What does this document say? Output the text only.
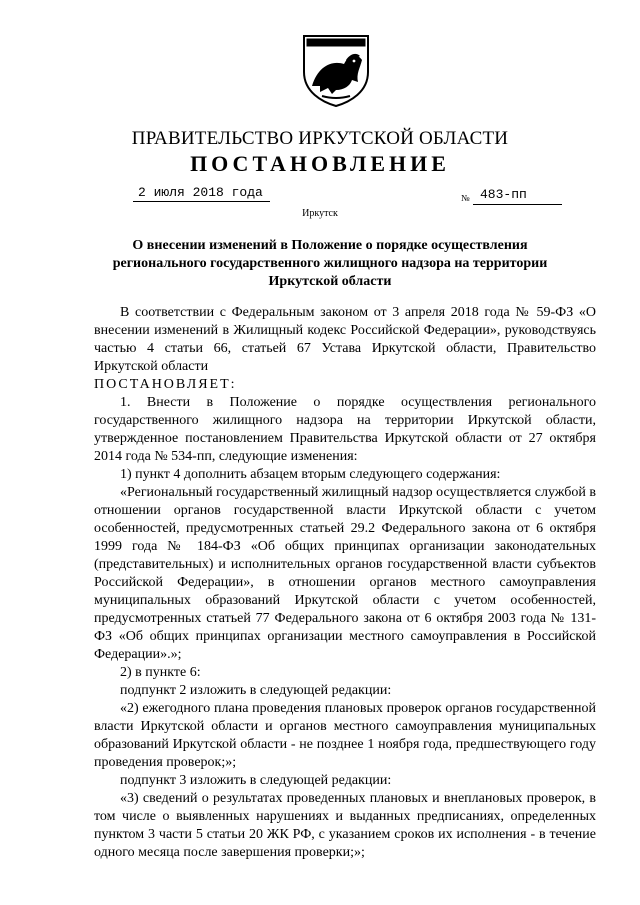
ПРАВИТЕЛЬСТВО ИРКУТСКОЙ ОБЛАСТИ
ПОСТАНОВЛЕНИЕ
2 июля 2018 года	№ 483-пп
Иркутск
О внесении изменений в Положение о порядке осуществления регионального государственного жилищного надзора на территории Иркутской области

В соответствии с Федеральным законом от 3 апреля 2018 года № 59-ФЗ «О внесении изменений в Жилищный кодекс Российской Федерации», руководствуясь частью 4 статьи 66, статьей 67 Устава Иркутской области, Правительство Иркутской области

ПОСТАНОВЛЯЕТ:

1. Внести в Положение о порядке осуществления регионального государственного жилищного надзора на территории Иркутской области, утвержденное постановлением Правительства Иркутской области от 27 октября 2014 года № 534-пп, следующие изменения:

1) пункт 4 дополнить абзацем вторым следующего содержания:

«Региональный государственный жилищный надзор осуществляется службой в отношении органов государственной власти Иркутской области с учетом особенностей, предусмотренных статьей 29.2 Федерального закона от 6 октября 1999 года № 184-ФЗ «Об общих принципах организации законодательных (представительных) и исполнительных органов государственной власти субъектов Российской Федерации», в отношении органов местного самоуправления муниципальных образований Иркутской области с учетом особенностей, предусмотренных статьей 77 Федерального закона от 6 октября 2003 года № 131-ФЗ «Об общих принципах организации местного самоуправления в Российской Федерации».»;

2) в пункте 6:

подпункт 2 изложить в следующей редакции:

«2) ежегодного плана проведения плановых проверок органов государственной власти Иркутской области и органов местного самоуправления муниципальных образований Иркутской области - не позднее 1 ноября года, предшествующего году проведения проверок;»;

подпункт 3 изложить в следующей редакции:

«3) сведений о результатах проведенных плановых и внеплановых проверок, в том числе о выявленных нарушениях и выданных предписаниях, определенных пунктом 3 части 5 статьи 20 ЖК РФ, с указанием сроков их исполнения - в течение одного месяца после завершения проверки;»;
